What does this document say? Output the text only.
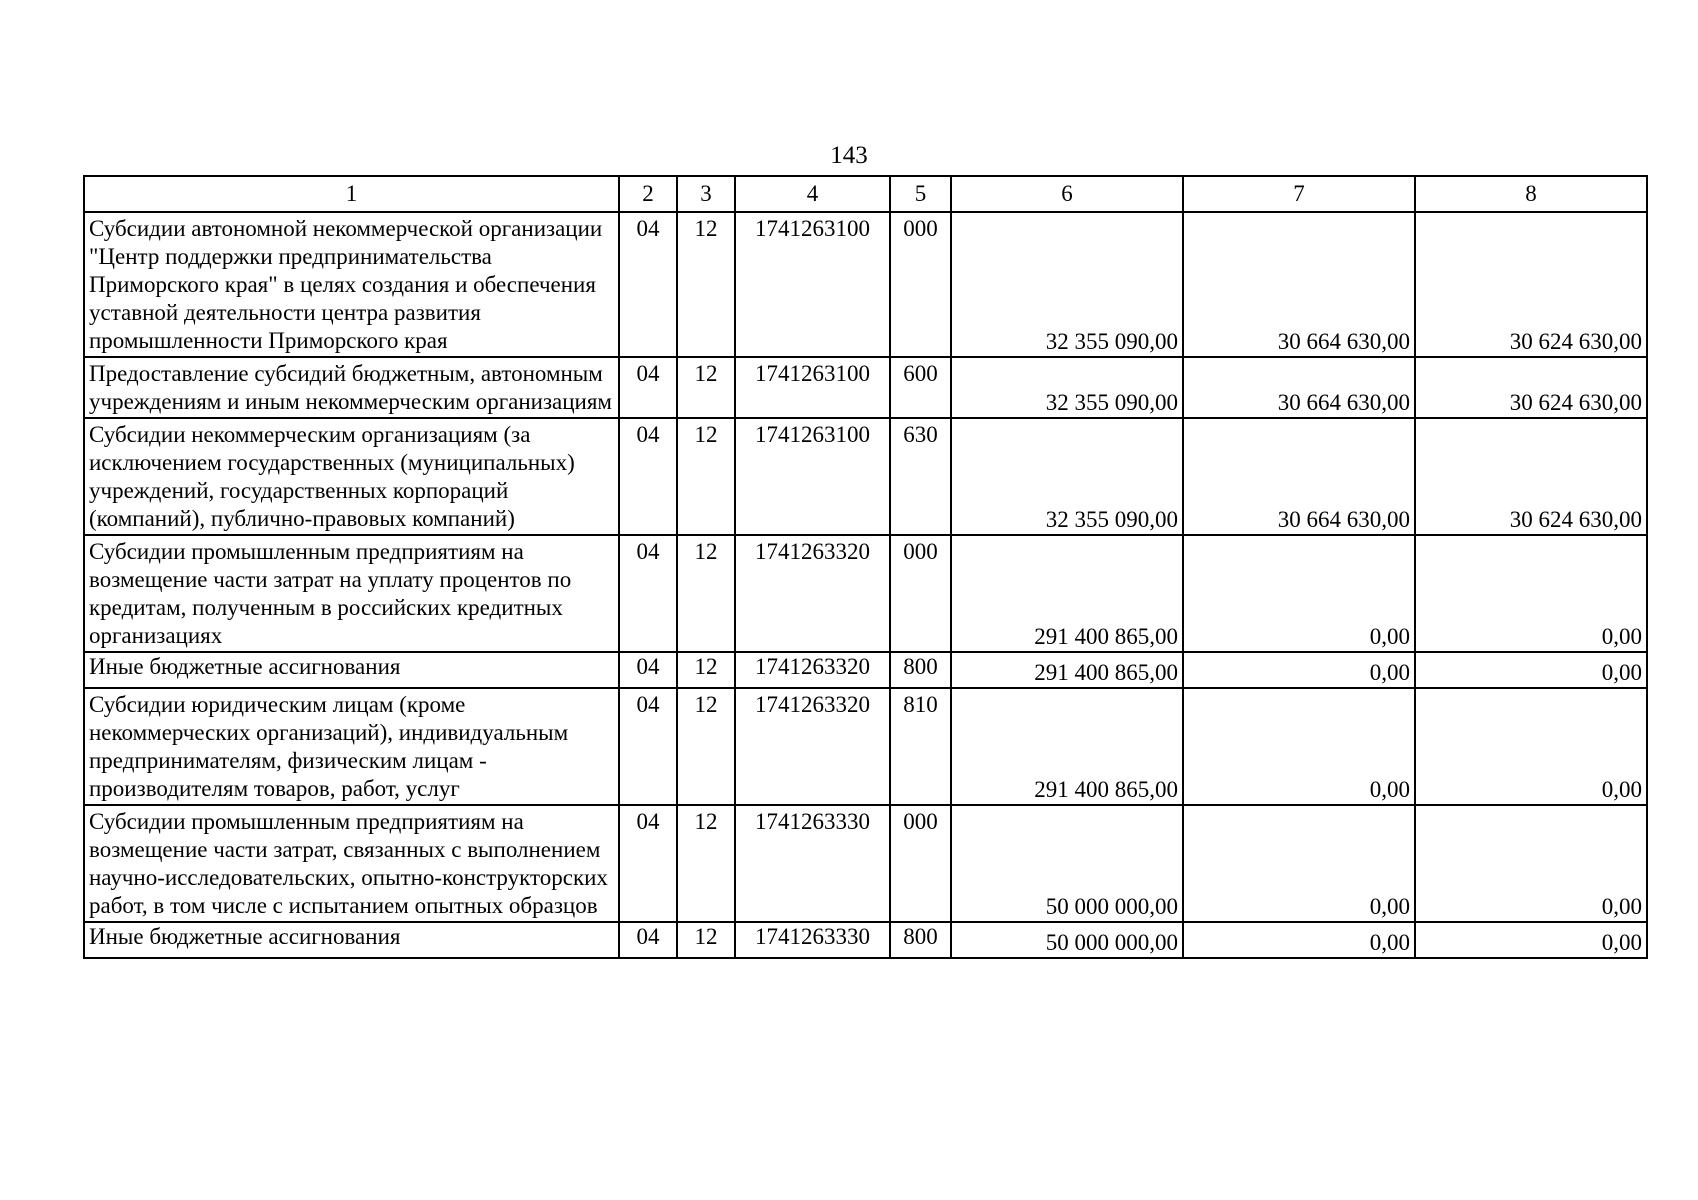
143
1	2	3	4	5	6	7	8
Субсидии автономной некоммерческой организации "Центр поддержки предпринимательства Приморского края" в целях создания и обеспечения уставной деятельности центра развития промышленности Приморского края	04	12	1741263100	000	32 355 090,00	30 664 630,00	30 624 630,00
Предоставление субсидий бюджетным, автономным учреждениям и иным некоммерческим организациям	04	12	1741263100	600	32 355 090,00	30 664 630,00	30 624 630,00
Субсидии некоммерческим организациям (за исключением государственных (муниципальных) учреждений, государственных корпораций (компаний), публично-правовых компаний)	04	12	1741263100	630	32 355 090,00	30 664 630,00	30 624 630,00
Субсидии промышленным предприятиям на возмещение части затрат на уплату процентов по кредитам, полученным в российских кредитных организациях	04	12	1741263320	000	291 400 865,00	0,00	0,00
Иные бюджетные ассигнования	04	12	1741263320	800	291 400 865,00	0,00	0,00
Субсидии юридическим лицам (кроме некоммерческих организаций), индивидуальным предпринимателям, физическим лицам - производителям товаров, работ, услуг	04	12	1741263320	810	291 400 865,00	0,00	0,00
Субсидии промышленным предприятиям на возмещение части затрат, связанных с выполнением научно-исследовательских, опытно-конструкторских работ, в том числе с испытанием опытных образцов	04	12	1741263330	000	50 000 000,00	0,00	0,00
Иные бюджетные ассигнования	04	12	1741263330	800	50 000 000,00	0,00	0,00
